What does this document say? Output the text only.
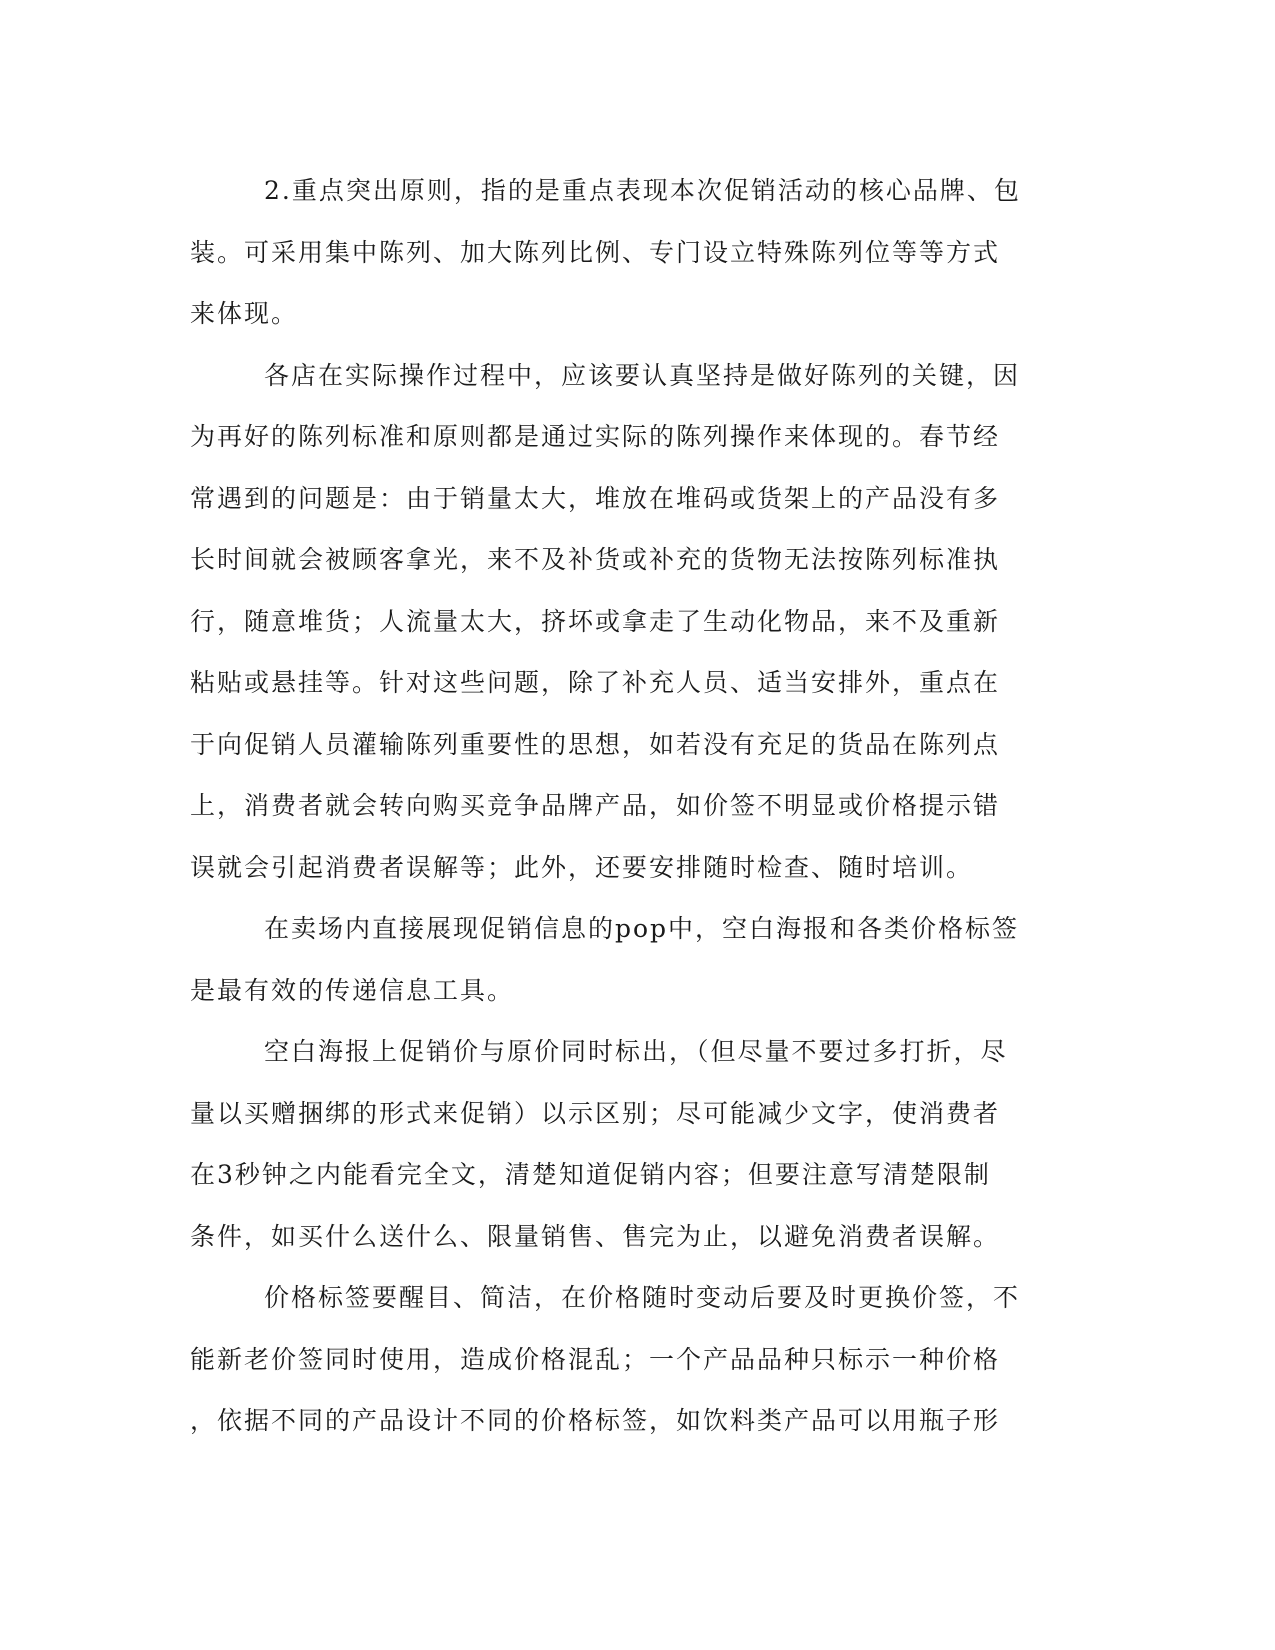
2.重点突出原则，指的是重点表现本次促销活动的核心品牌、包
装。可采用集中陈列、加大陈列比例、专门设立特殊陈列位等等方式
来体现。
各店在实际操作过程中，应该要认真坚持是做好陈列的关键，因
为再好的陈列标准和原则都是通过实际的陈列操作来体现的。春节经
常遇到的问题是：由于销量太大，堆放在堆码或货架上的产品没有多
长时间就会被顾客拿光，来不及补货或补充的货物无法按陈列标准执
行，随意堆货；人流量太大，挤坏或拿走了生动化物品，来不及重新
粘贴或悬挂等。针对这些问题，除了补充人员、适当安排外，重点在
于向促销人员灌输陈列重要性的思想，如若没有充足的货品在陈列点
上，消费者就会转向购买竞争品牌产品，如价签不明显或价格提示错
误就会引起消费者误解等；此外，还要安排随时检查、随时培训。
在卖场内直接展现促销信息的pop中，空白海报和各类价格标签
是最有效的传递信息工具。
空白海报上促销价与原价同时标出，（但尽量不要过多打折，尽
量以买赠捆绑的形式来促销）以示区别；尽可能减少文字，使消费者
在3秒钟之内能看完全文，清楚知道促销内容；但要注意写清楚限制
条件，如买什么送什么、限量销售、售完为止，以避免消费者误解。
价格标签要醒目、简洁，在价格随时变动后要及时更换价签，不
能新老价签同时使用，造成价格混乱；一个产品品种只标示一种价格
，依据不同的产品设计不同的价格标签，如饮料类产品可以用瓶子形
